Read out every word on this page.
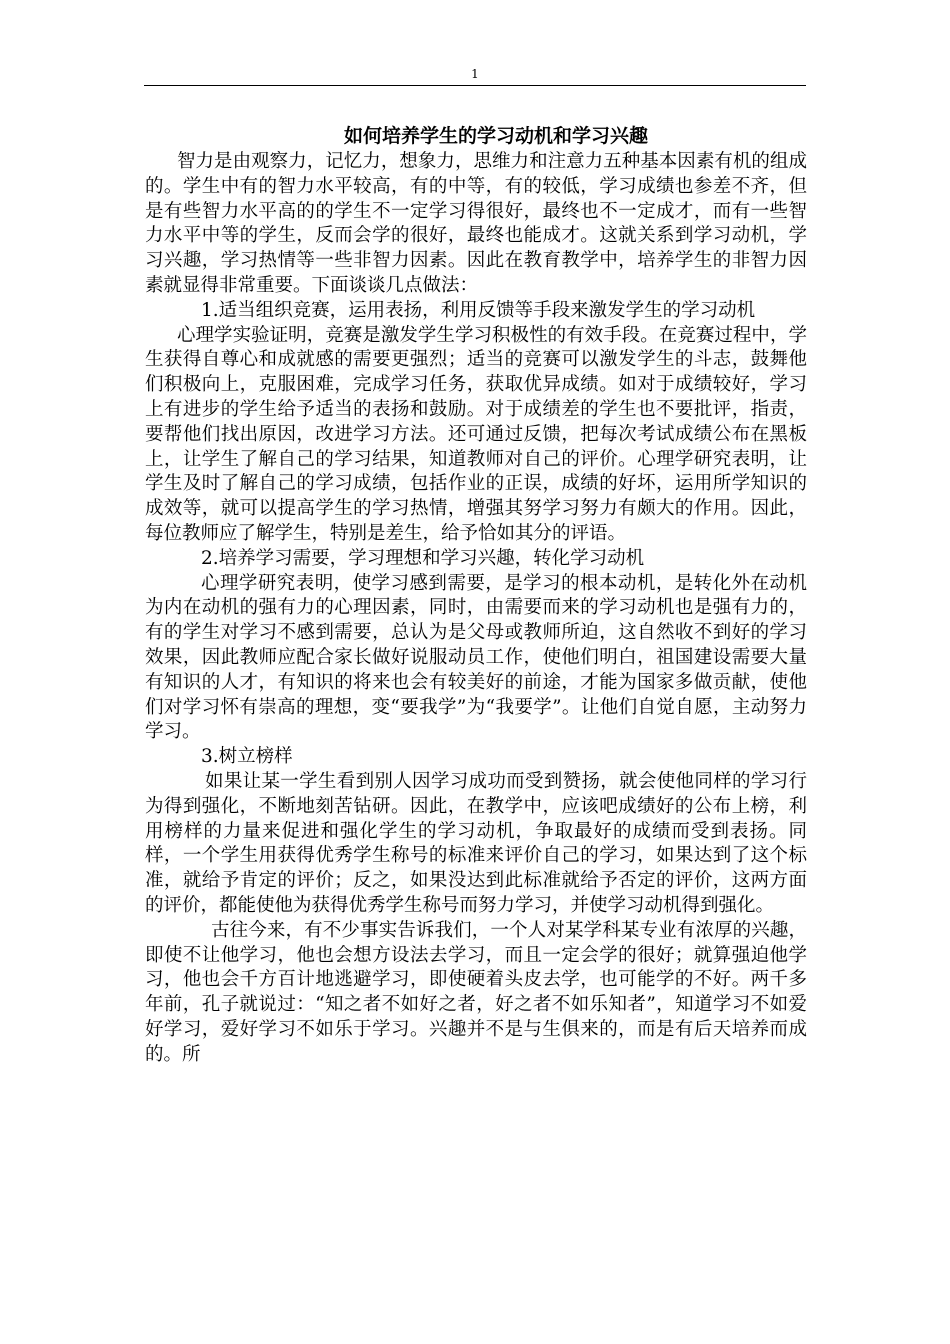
1
如何培养学生的学习动机和学习兴趣

智力是由观察力，记忆力，想象力，思维力和注意力五种基本因素有机的组成的。学生中有的智力水平较高，有的中等，有的较低，学习成绩也参差不齐，但是有些智力水平高的的学生不一定学习得很好，最终也不一定成才，而有一些智力水平中等的学生，反而会学的很好，最终也能成才。这就关系到学习动机，学习兴趣，学习热情等一些非智力因素。因此在教育教学中，培养学生的非智力因素就显得非常重要。下面谈谈几点做法：

1.适当组织竞赛，运用表扬，利用反馈等手段来激发学生的学习动机

心理学实验证明，竞赛是激发学生学习积极性的有效手段。在竞赛过程中，学生获得自尊心和成就感的需要更强烈；适当的竞赛可以激发学生的斗志，鼓舞他们积极向上，克服困难，完成学习任务，获取优异成绩。如对于成绩较好，学习上有进步的学生给予适当的表扬和鼓励。对于成绩差的学生也不要批评，指责，要帮他们找出原因，改进学习方法。还可通过反馈，把每次考试成绩公布在黑板上，让学生了解自己的学习结果，知道教师对自己的评价。心理学研究表明，让学生及时了解自己的学习成绩，包括作业的正误，成绩的好坏，运用所学知识的成效等，就可以提高学生的学习热情，增强其努学习努力有颇大的作用。因此，每位教师应了解学生，特别是差生，给予恰如其分的评语。

2.培养学习需要，学习理想和学习兴趣，转化学习动机

心理学研究表明，使学习感到需要，是学习的根本动机，是转化外在动机为内在动机的强有力的心理因素，同时，由需要而来的学习动机也是强有力的，有的学生对学习不感到需要，总认为是父母或教师所迫，这自然收不到好的学习效果，因此教师应配合家长做好说服动员工作，使他们明白，祖国建设需要大量有知识的人才，有知识的将来也会有较美好的前途，才能为国家多做贡献，使他们对学习怀有崇高的理想，变“要我学”为“我要学”。让他们自觉自愿，主动努力学习。

3.树立榜样

如果让某一学生看到别人因学习成功而受到赞扬，就会使他同样的学习行为得到强化，不断地刻苦钻研。因此，在教学中，应该吧成绩好的公布上榜，利用榜样的力量来促进和强化学生的学习动机，争取最好的成绩而受到表扬。同样，一个学生用获得优秀学生称号的标准来评价自己的学习，如果达到了这个标准，就给予肯定的评价；反之，如果没达到此标准就给予否定的评价，这两方面的评价，都能使他为获得优秀学生称号而努力学习，并使学习动机得到强化。

古往今来，有不少事实告诉我们，一个人对某学科某专业有浓厚的兴趣，即使不让他学习，他也会想方设法去学习，而且一定会学的很好；就算强迫他学习，他也会千方百计地逃避学习，即使硬着头皮去学，也可能学的不好。两千多年前，孔子就说过：“知之者不如好之者，好之者不如乐知者”，知道学习不如爱好学习，爱好学习不如乐于学习。兴趣并不是与生俱来的，而是有后天培养而成的。所
